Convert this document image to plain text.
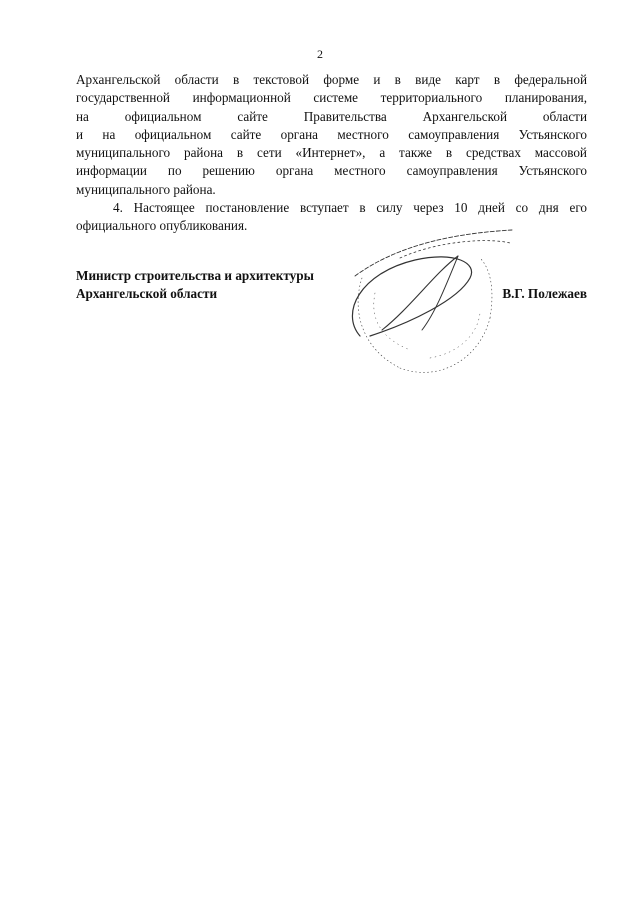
2
Архангельской области в текстовой форме и в виде карт в федеральной
государственной информационной системе территориального планирования,
на официальном сайте Правительства Архангельской области
и на официальном сайте органа местного самоуправления Устьянского
муниципального района в сети «Интернет», а также в средствах массовой
информации по решению органа местного самоуправления Устьянского
муниципального района.
4. Настоящее постановление вступает в силу через 10 дней со дня его
официального опубликования.
Министр строительства и архитектуры
Архангельской области	В.Г. Полежаев
